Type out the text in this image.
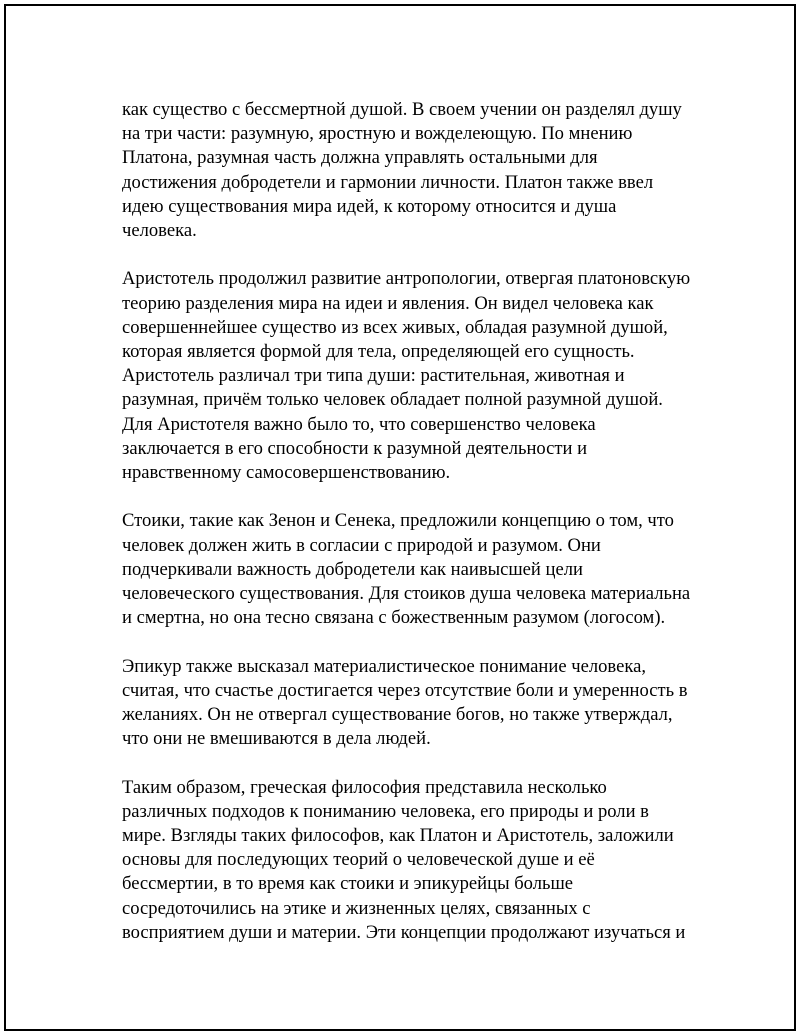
как существо с бессмертной душой. В своем учении он разделял душу
на три части: разумную, яростную и вожделеющую. По мнению
Платона, разумная часть должна управлять остальными для
достижения добродетели и гармонии личности. Платон также ввел
идею существования мира идей, к которому относится и душа
человека.

Аристотель продолжил развитие антропологии, отвергая платоновскую
теорию разделения мира на идеи и явления. Он видел человека как
совершеннейшее существо из всех живых, обладая разумной душой,
которая является формой для тела, определяющей его сущность.
Аристотель различал три типа души: растительная, животная и
разумная, причём только человек обладает полной разумной душой.
Для Аристотеля важно было то, что совершенство человека
заключается в его способности к разумной деятельности и
нравственному самосовершенствованию.

Стоики, такие как Зенон и Сенека, предложили концепцию о том, что
человек должен жить в согласии с природой и разумом. Они
подчеркивали важность добродетели как наивысшей цели
человеческого существования. Для стоиков душа человека материальна
и смертна, но она тесно связана с божественным разумом (логосом).

Эпикур также высказал материалистическое понимание человека,
считая, что счастье достигается через отсутствие боли и умеренность в
желаниях. Он не отвергал существование богов, но также утверждал,
что они не вмешиваются в дела людей.

Таким образом, греческая философия представила несколько
различных подходов к пониманию человека, его природы и роли в
мире. Взгляды таких философов, как Платон и Аристотель, заложили
основы для последующих теорий о человеческой душе и её
бессмертии, в то время как стоики и эпикурейцы больше
сосредоточились на этике и жизненных целях, связанных с
восприятием души и материи. Эти концепции продолжают изучаться и
